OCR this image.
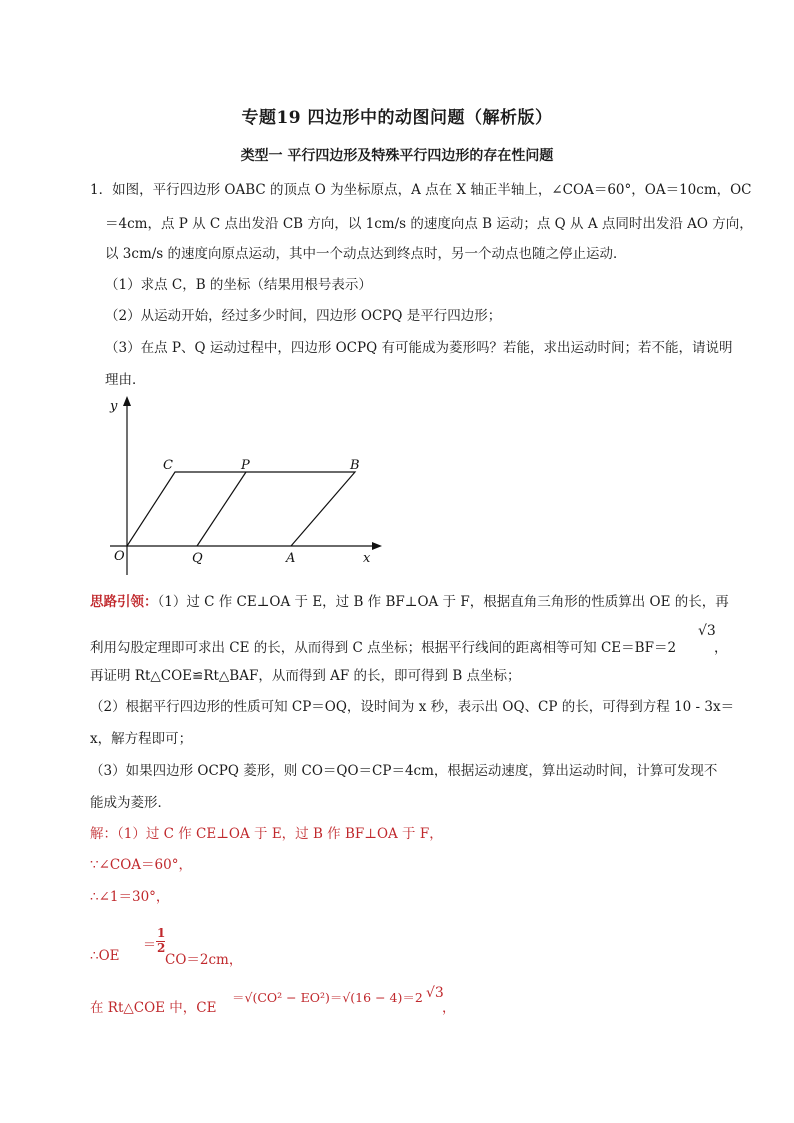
专题19 四边形中的动图问题（解析版）
类型一 平行四边形及特殊平行四边形的存在性问题
1．如图，平行四边形 OABC 的顶点 O 为坐标原点，A 点在 X 轴正半轴上，∠COA＝60°，OA＝10cm，OC
＝4cm，点 P 从 C 点出发沿 CB 方向，以 1cm/s 的速度向点 B 运动；点 Q 从 A 点同时出发沿 AO 方向，
以 3cm/s 的速度向原点运动，其中一个动点达到终点时，另一个动点也随之停止运动．
（1）求点 C，B 的坐标（结果用根号表示）
（2）从运动开始，经过多少时间，四边形 OCPQ 是平行四边形；
（3）在点 P、Q 运动过程中，四边形 OCPQ 有可能成为菱形吗？若能，求出运动时间；若不能，请说明
理由．
y
x
O	Q	A
C	P	B
思路引领：（1）过 C 作 CE⊥OA 于 E，过 B 作 BF⊥OA 于 F，根据直角三角形的性质算出 OE 的长，再
利用勾股定理即可求出 CE 的长，从而得到 C 点坐标；根据平行线间的距离相等可知 CE＝BF＝2
√3
，
再证明 Rt△COE≌Rt△BAF，从而得到 AF 的长，即可得到 B 点坐标；
（2）根据平行四边形的性质可知 CP＝OQ，设时间为 x 秒，表示出 OQ、CP 的长，可得到方程 10 - 3x＝
x，解方程即可；
（3）如果四边形 OCPQ 菱形，则 CO＝QO＝CP＝4cm，根据运动速度，算出运动时间，计算可发现不
能成为菱形．
解：（1）过 C 作 CE⊥OA 于 E，过 B 作 BF⊥OA 于 F，
∵∠COA＝60°，
∴∠1＝30°，
∴OE
＝
1
2
CO＝2cm，
在 Rt△COE 中，CE
＝√(CO² − EO²)＝√(16 − 4)＝2 √3
，
